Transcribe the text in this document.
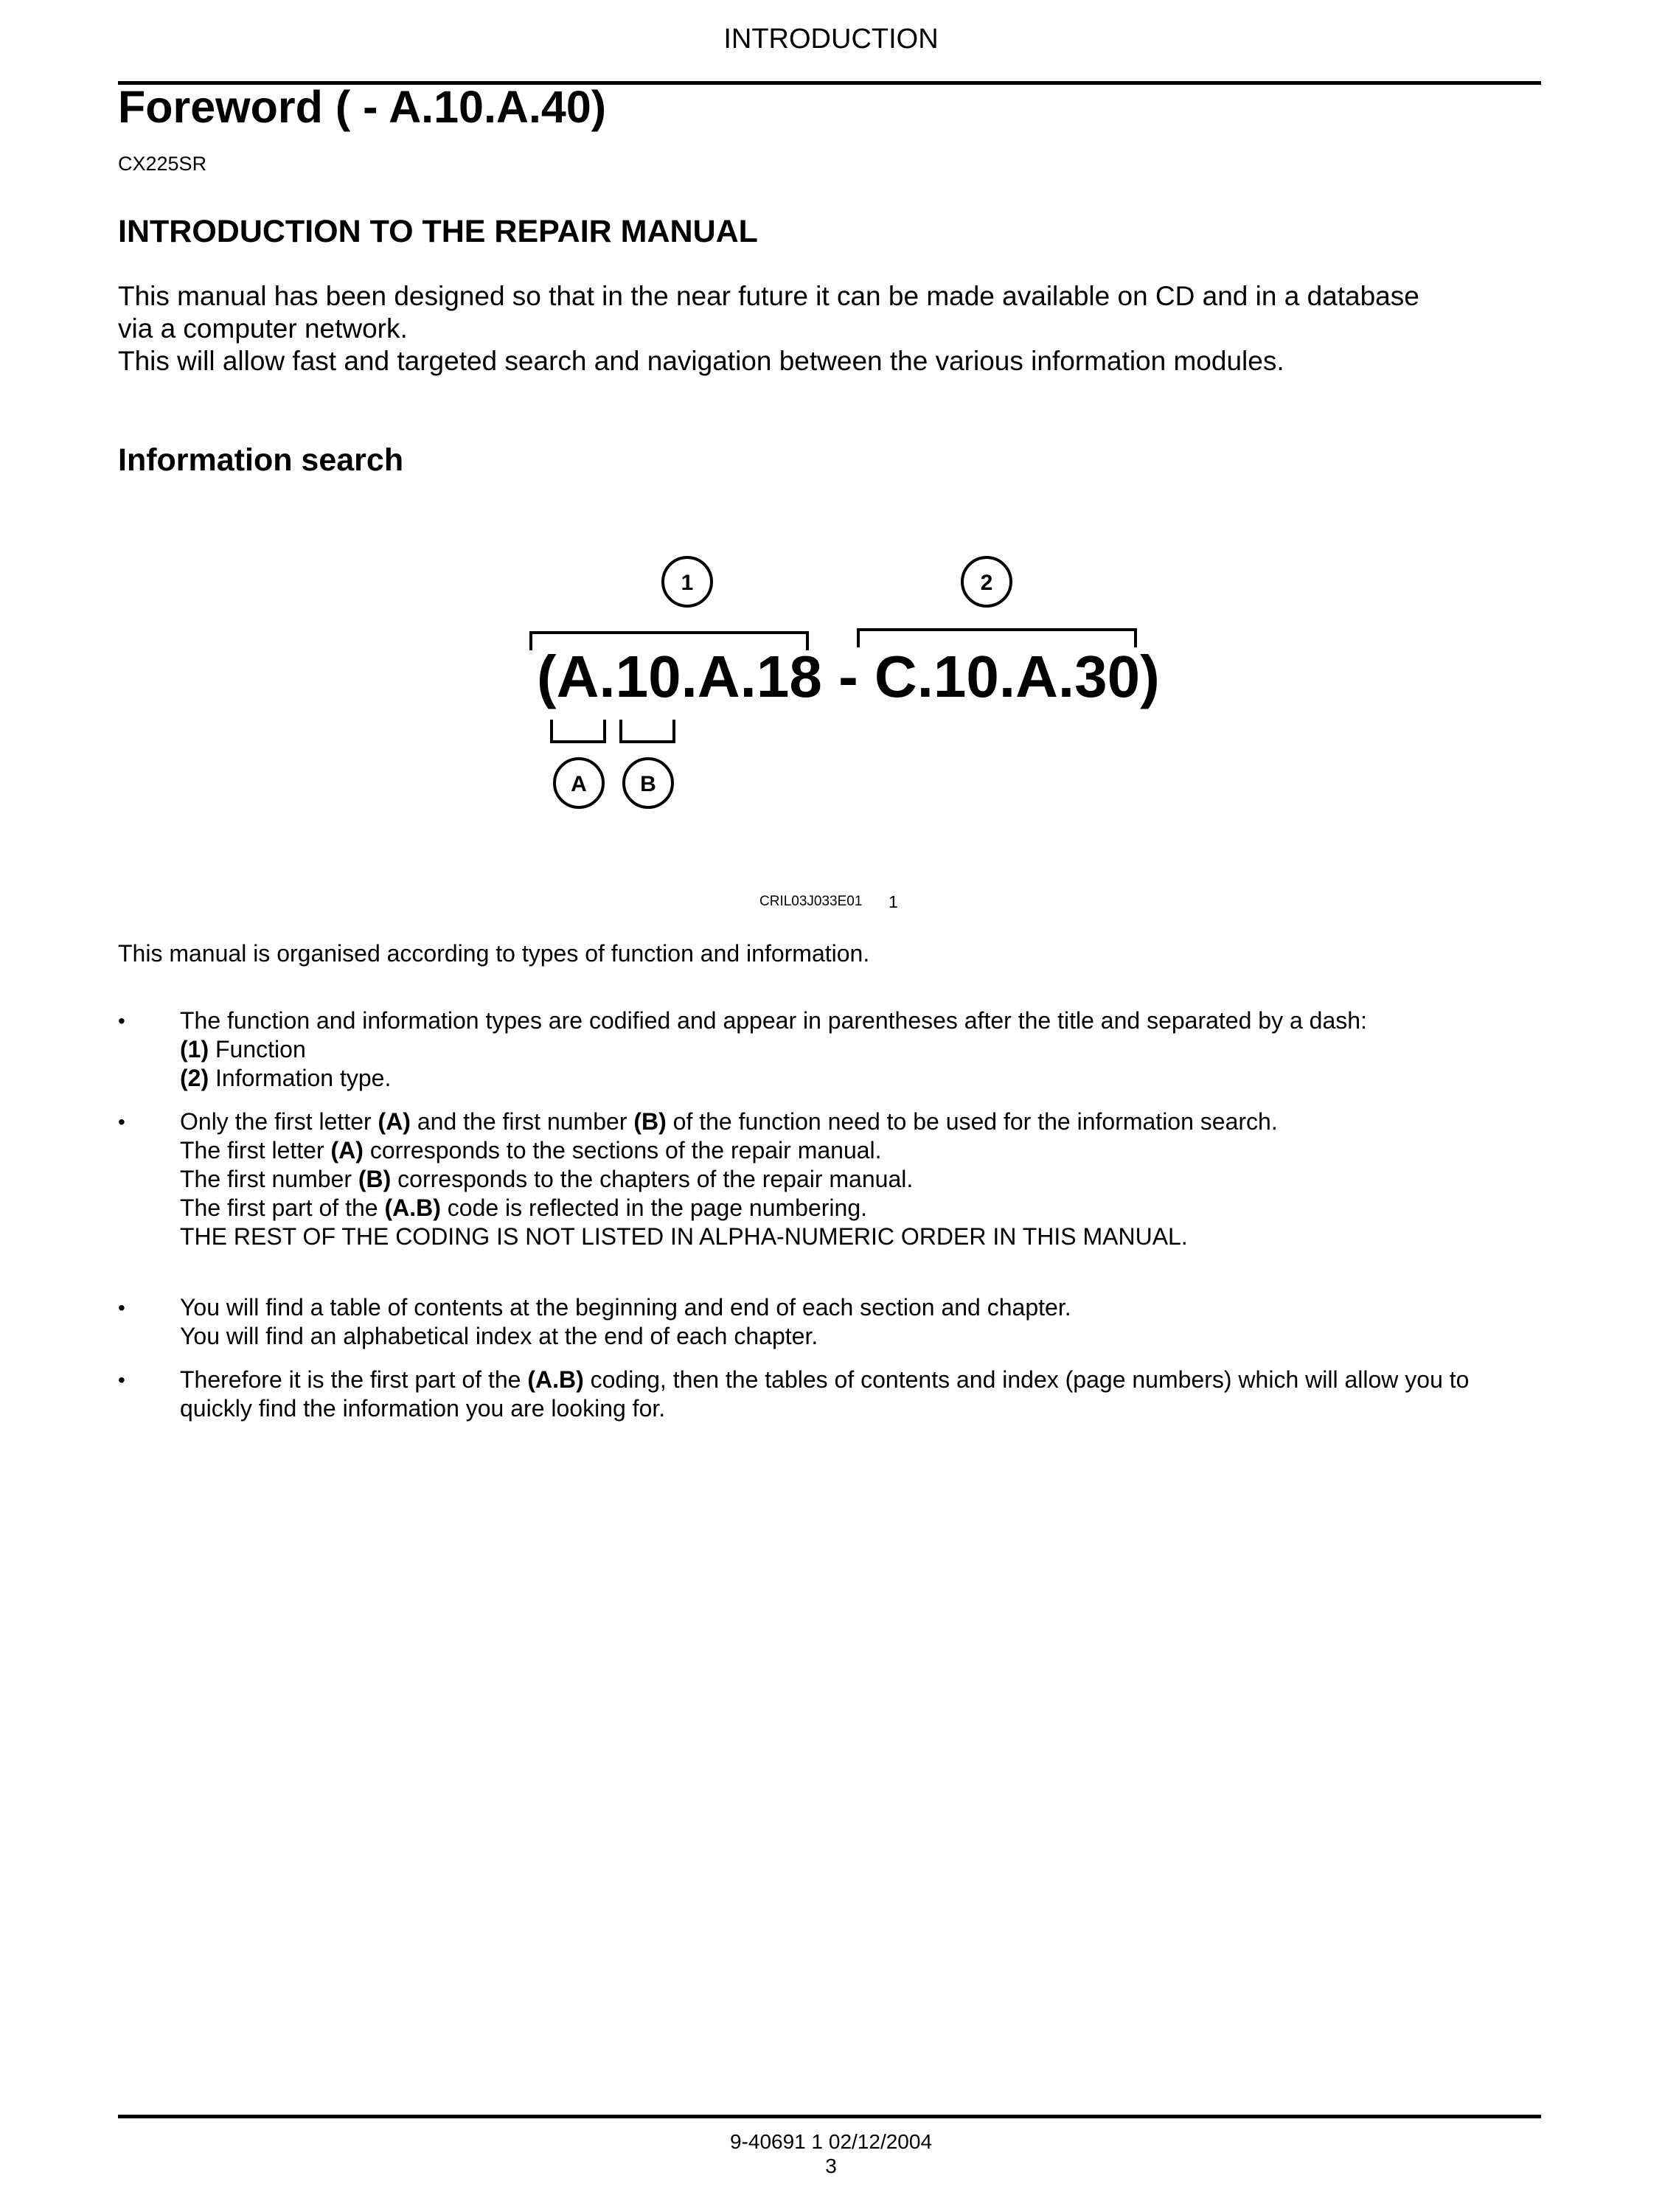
INTRODUCTION
Foreword ( - A.10.A.40)
CX225SR
INTRODUCTION TO THE REPAIR MANUAL
This manual has been designed so that in the near future it can be made available on CD and in a database
via a computer network.
This will allow fast and targeted search and navigation between the various information modules.
Information search
1	2
(A.10.A.18 - C.10.A.30)
A B
CRIL03J033E01 1
This manual is organised according to types of function and information.
• The function and information types are codified and appear in parentheses after the title and separated by a dash:
(1) Function
(2) Information type.
• Only the first letter (A) and the first number (B) of the function need to be used for the information search.
The first letter (A) corresponds to the sections of the repair manual.
The first number (B) corresponds to the chapters of the repair manual.
The first part of the (A.B) code is reflected in the page numbering.
THE REST OF THE CODING IS NOT LISTED IN ALPHA-NUMERIC ORDER IN THIS MANUAL.
• You will find a table of contents at the beginning and end of each section and chapter.
You will find an alphabetical index at the end of each chapter.
• Therefore it is the first part of the (A.B) coding, then the tables of contents and index (page numbers) which will allow you to quickly find the information you are looking for.
9-40691 1 02/12/2004
3
